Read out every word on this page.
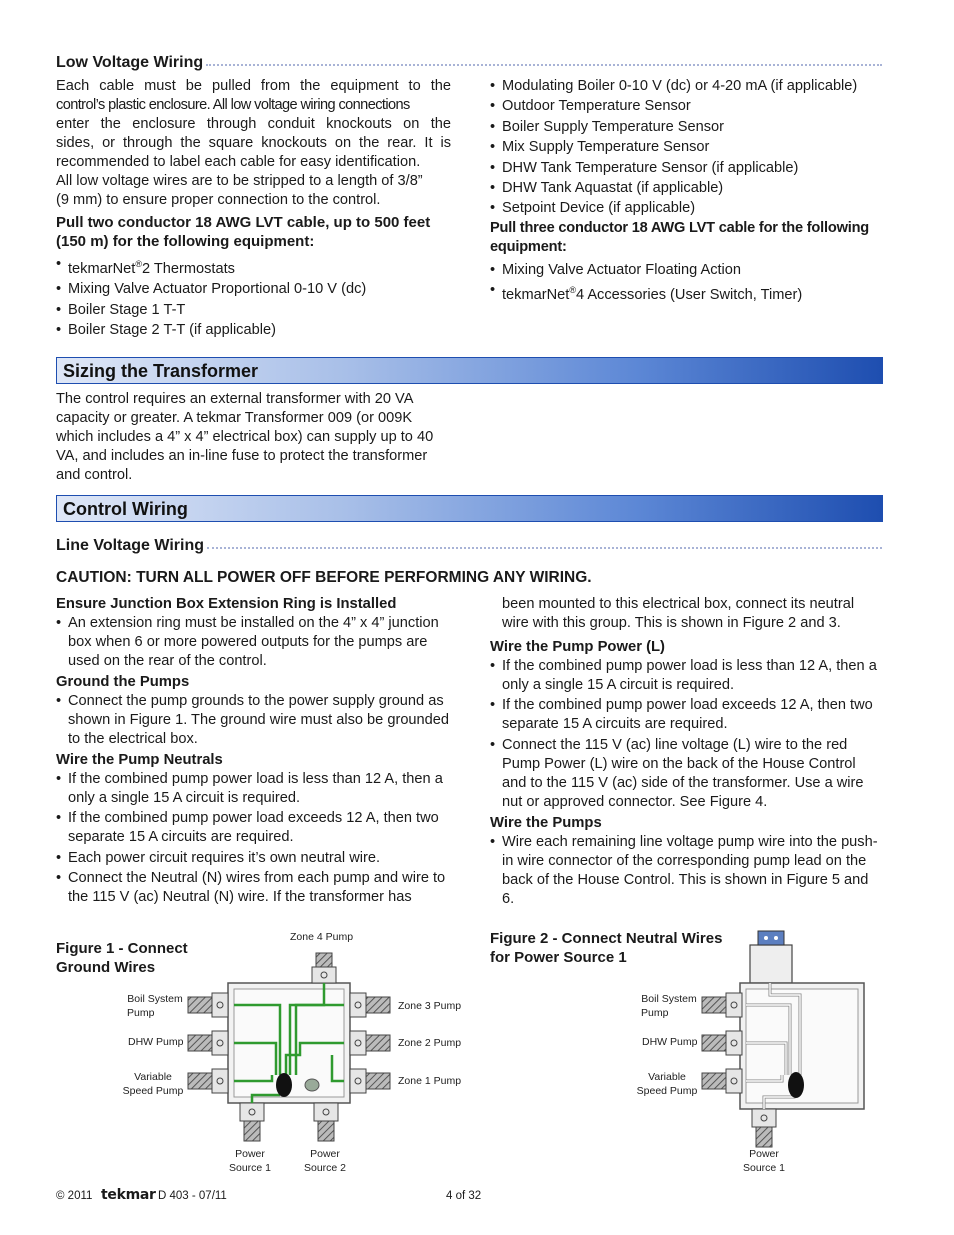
Low Voltage Wiring
Each cable must be pulled from the equipment to the
control’s plastic enclosure. All low voltage wiring connections
enter the enclosure through conduit knockouts on the
sides, or through the square knockouts on the rear. It is
recommended to label each cable for easy identification.
All low voltage wires are to be stripped to a length of 3/8”
(9 mm) to ensure proper connection to the control.
Pull two conductor 18 AWG LVT cable, up to 500 feet (150 m) for the following equipment:
• tekmarNet®2 Thermostats
• Mixing Valve Actuator Proportional 0-10 V (dc)
• Boiler Stage 1 T-T
• Boiler Stage 2 T-T (if applicable)
• Modulating Boiler 0-10 V (dc) or 4-20 mA (if applicable)
• Outdoor Temperature Sensor
• Boiler Supply Temperature Sensor
• Mix Supply Temperature Sensor
• DHW Tank Temperature Sensor (if applicable)
• DHW Tank Aquastat (if applicable)
• Setpoint Device (if applicable)
Pull three conductor 18 AWG LVT cable for the following equipment:
• Mixing Valve Actuator Floating Action
• tekmarNet®4 Accessories (User Switch, Timer)
Sizing the Transformer
The control requires an external transformer with 20 VA
capacity or greater. A tekmar Transformer 009 (or 009K
which includes a 4” x 4” electrical box) can supply up to 40
VA, and includes an in-line fuse to protect the transformer
and control.
Control Wiring
Line Voltage Wiring
CAUTION: TURN ALL POWER OFF BEFORE PERFORMING ANY WIRING.
Ensure Junction Box Extension Ring is Installed
• An extension ring must be installed on the 4” x 4” junction box when 6 or more powered outputs for the pumps are used on the rear of the control.
Ground the Pumps
• Connect the pump grounds to the power supply ground as shown in Figure 1. The ground wire must also be grounded to the electrical box.
Wire the Pump Neutrals
• If the combined pump power load is less than 12 A, then a only a single 15 A circuit is required.
• If the combined pump power load exceeds 12 A, then two separate 15 A circuits are required.
• Each power circuit requires it’s own neutral wire.
• Connect the Neutral (N) wires from each pump and wire to the 115 V (ac) Neutral (N) wire. If the transformer has
been mounted to this electrical box, connect its neutral wire with this group. This is shown in Figure 2 and 3.
Wire the Pump Power (L)
• If the combined pump power load is less than 12 A, then a only a single 15 A circuit is required.
• If the combined pump power load exceeds 12 A, then two separate 15 A circuits are required.
• Connect the 115 V (ac) line voltage (L) wire to the red Pump Power (L) wire on the back of the House Control and to the 115 V (ac) side of the transformer. Use a wire nut or approved connector. See Figure 4.
Wire the Pumps
• Wire each remaining line voltage pump wire into the push-in wire connector of the corresponding pump lead on the back of the House Control. This is shown in Figure 5 and 6.
Figure 1 - Connect
Ground Wires
Zone 4 Pump
Boil System
Pump
DHW Pump
Variable
Speed Pump
Zone 3 Pump
Zone 2 Pump
Zone 1 Pump
Power
Source 1
Power
Source 2
Figure 2 - Connect Neutral Wires
for Power Source 1
Boil System
Pump
DHW Pump
Variable
Speed Pump
Power
Source 1
© 2011 tekmar D 403 - 07/11	4 of 32
